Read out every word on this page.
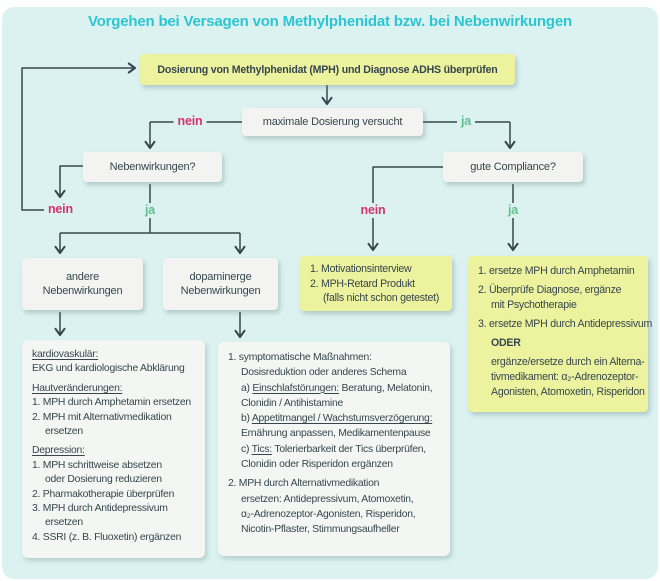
Vorgehen bei Versagen von Methylphenidat bzw. bei Nebenwirkungen
Dosierung von Methylphenidat (MPH) und Diagnose ADHS überprüfen
maximale Dosierung versucht
Nebenwirkungen?	gute Compliance?
andere
Nebenwirkungen
dopaminerge
Nebenwirkungen
nein	ja
nein	ja	nein	ja
1. Motivationsinterview
2. MPH-Retard Produkt
(falls nicht schon getestet)
1. ersetze MPH durch Amphetamin
2. Überprüfe Diagnose, ergänze
mit Psychotherapie
3. ersetze MPH durch Antidepressivum
ODER
ergänze/ersetze durch ein Alterna-
tivmedikament: α₂-Adrenozeptor-
Agonisten, Atomoxetin, Risperidon
kardiovaskulär:
EKG und kardiologische Abklärung
Hautveränderungen:
1. MPH durch Amphetamin ersetzen
2. MPH mit Alternativmedikation
ersetzen
Depression:
1. MPH schrittweise absetzen
oder Dosierung reduzieren
2. Pharmakotherapie überprüfen
3. MPH durch Antidepressivum
ersetzen
4. SSRI (z. B. Fluoxetin) ergänzen
1. symptomatische Maßnahmen:
Dosisreduktion oder anderes Schema
a) Einschlafstörungen: Beratung, Melatonin,
Clonidin / Antihistamine
b) Appetitmangel / Wachstumsverzögerung:
Ernährung anpassen, Medikamentenpause
c) Tics: Tolerierbarkeit der Tics überprüfen,
Clonidin oder Risperidon ergänzen
2. MPH durch Alternativmedikation
ersetzen: Antidepressivum, Atomoxetin,
α₂-Adrenozeptor-Agonisten, Risperidon,
Nicotin-Pflaster, Stimmungsaufheller
